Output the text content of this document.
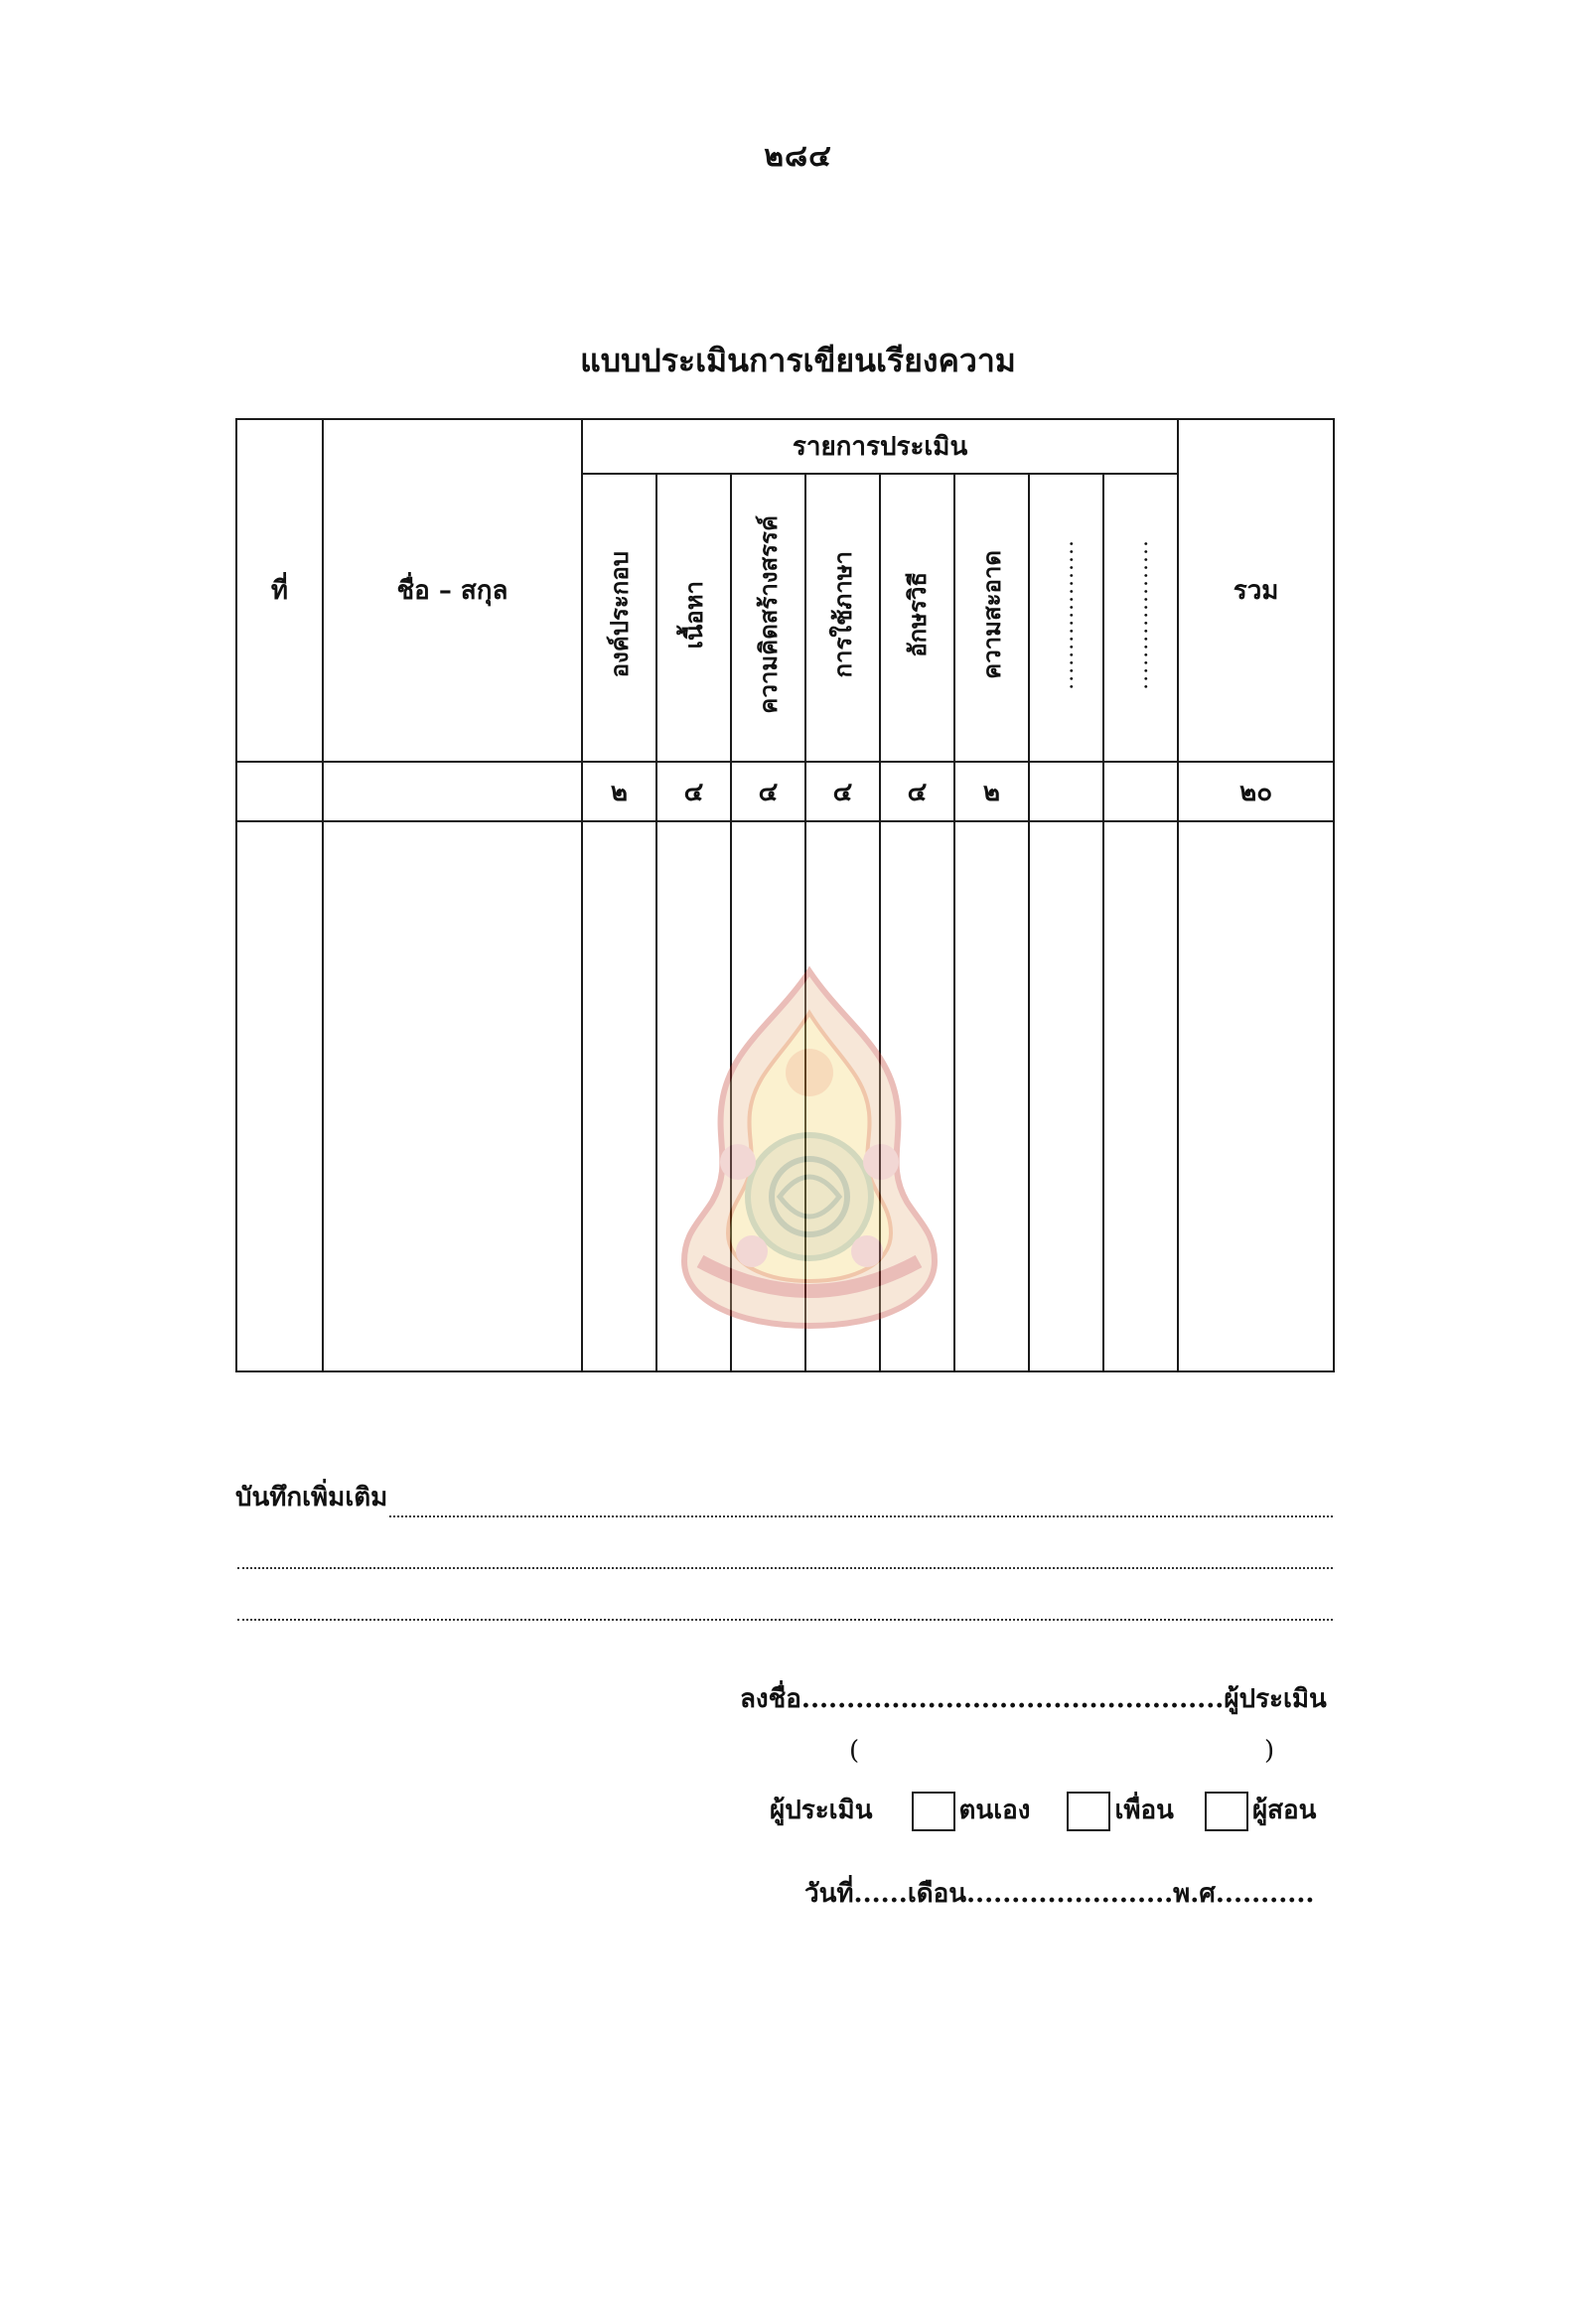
๒๘๔
แบบประเมินการเขียนเรียงความ
ที่	ชื่อ – สกุล	รายการประเมิน								รวม
		องค์ประกอบ	เนื้อหา	ความคิดสร้างสรรค์	การใช้ภาษา	อักษรวิธี	ความสะอาด	...................	...................	
		๒	๔	๔	๔	๔	๒			๒๐

บันทึกเพิ่มเติม
ลงชื่อ...............................................ผู้ประเมิน
(	)
ผู้ประเมิน	ตนเอง	เพื่อน	ผู้สอน
วันที่......เดือน.......................พ.ศ...........
